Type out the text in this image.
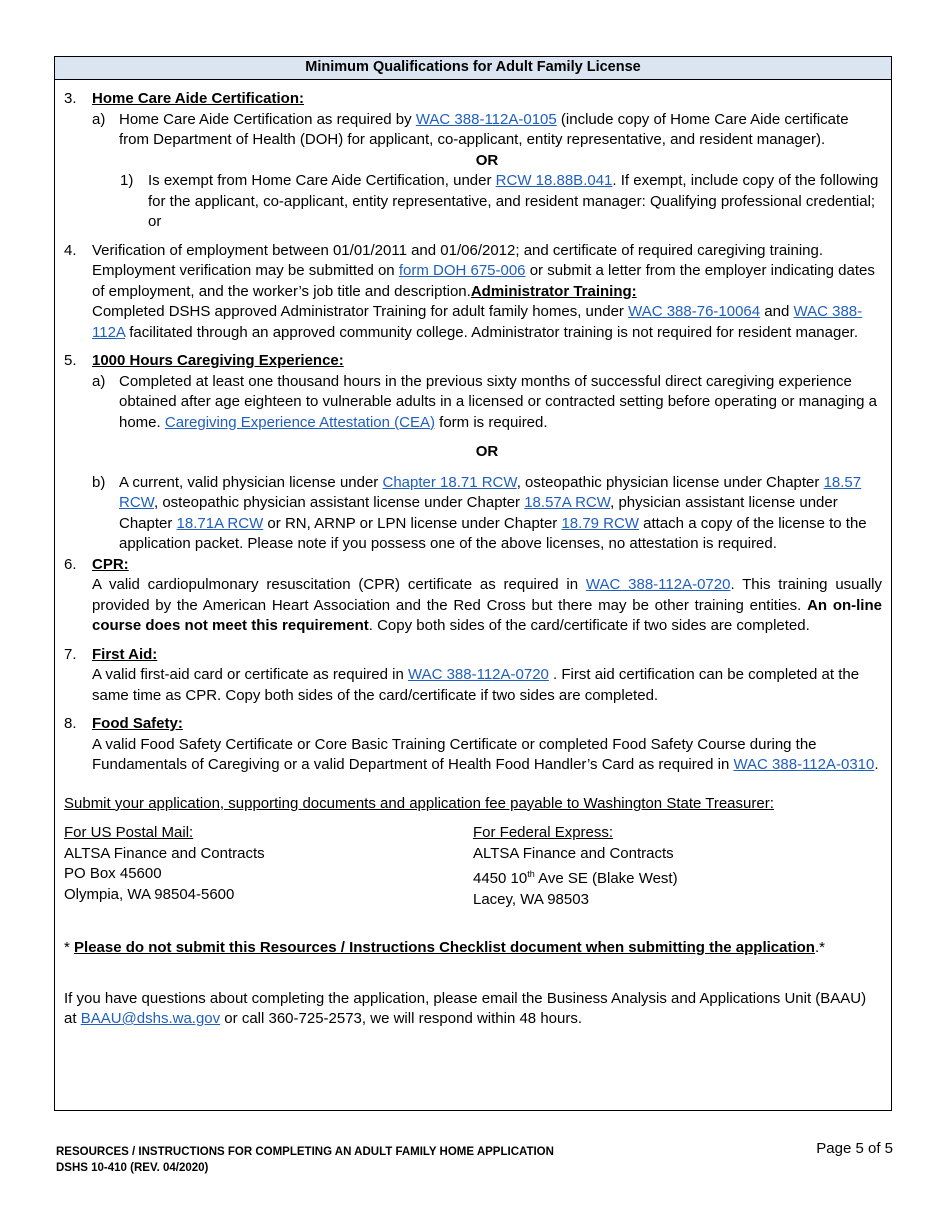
Minimum Qualifications for Adult Family License
3.	Home Care Aide Certification:
a) Home Care Aide Certification as required by WAC 388-112A-0105 (include copy of Home Care Aide certificate from Department of Health (DOH) for applicant, co-applicant, entity representative, and resident manager).
OR
1) Is exempt from Home Care Aide Certification, under RCW 18.88B.041. If exempt, include copy of the following for the applicant, co-applicant, entity representative, and resident manager: Qualifying professional credential; or
4.	Verification of employment between 01/01/2011 and 01/06/2012; and certificate of required caregiving training. Employment verification may be submitted on form DOH 675-006 or submit a letter from the employer indicating dates of employment, and the worker’s job title and description.Administrator Training:
Completed DSHS approved Administrator Training for adult family homes, under WAC 388-76-10064 and WAC 388-112A facilitated through an approved community college. Administrator training is not required for resident manager.
5.	1000 Hours Caregiving Experience:
a) Completed at least one thousand hours in the previous sixty months of successful direct caregiving experience obtained after age eighteen to vulnerable adults in a licensed or contracted setting before operating or managing a home. Caregiving Experience Attestation (CEA) form is required.
OR
b) A current, valid physician license under Chapter 18.71 RCW, osteopathic physician license under Chapter 18.57 RCW, osteopathic physician assistant license under Chapter 18.57A RCW, physician assistant license under Chapter 18.71A RCW or RN, ARNP or LPN license under Chapter 18.79 RCW attach a copy of the license to the application packet. Please note if you possess one of the above licenses, no attestation is required.
6.	CPR:
A valid cardiopulmonary resuscitation (CPR) certificate as required in WAC 388-112A-0720. This training usually provided by the American Heart Association and the Red Cross but there may be other training entities. An on-line course does not meet this requirement. Copy both sides of the card/certificate if two sides are completed.
7.	First Aid:
A valid first-aid card or certificate as required in WAC 388-112A-0720 . First aid certification can be completed at the same time as CPR. Copy both sides of the card/certificate if two sides are completed.
8.	Food Safety:
A valid Food Safety Certificate or Core Basic Training Certificate or completed Food Safety Course during the Fundamentals of Caregiving or a valid Department of Health Food Handler’s Card as required in WAC 388-112A-0310.
Submit your application, supporting documents and application fee payable to Washington State Treasurer:
For US Postal Mail:
ALTSA Finance and Contracts
PO Box 45600
Olympia, WA 98504-5600
For Federal Express:
ALTSA Finance and Contracts
4450 10th Ave SE (Blake West)
Lacey, WA 98503
* Please do not submit this Resources / Instructions Checklist document when submitting the application.*
If you have questions about completing the application, please email the Business Analysis and Applications Unit (BAAU) at BAAU@dshs.wa.gov or call 360-725-2573, we will respond within 48 hours.
RESOURCES / INSTRUCTIONS FOR COMPLETING AN ADULT FAMILY HOME APPLICATION
DSHS 10-410 (REV. 04/2020)
Page 5 of 5
